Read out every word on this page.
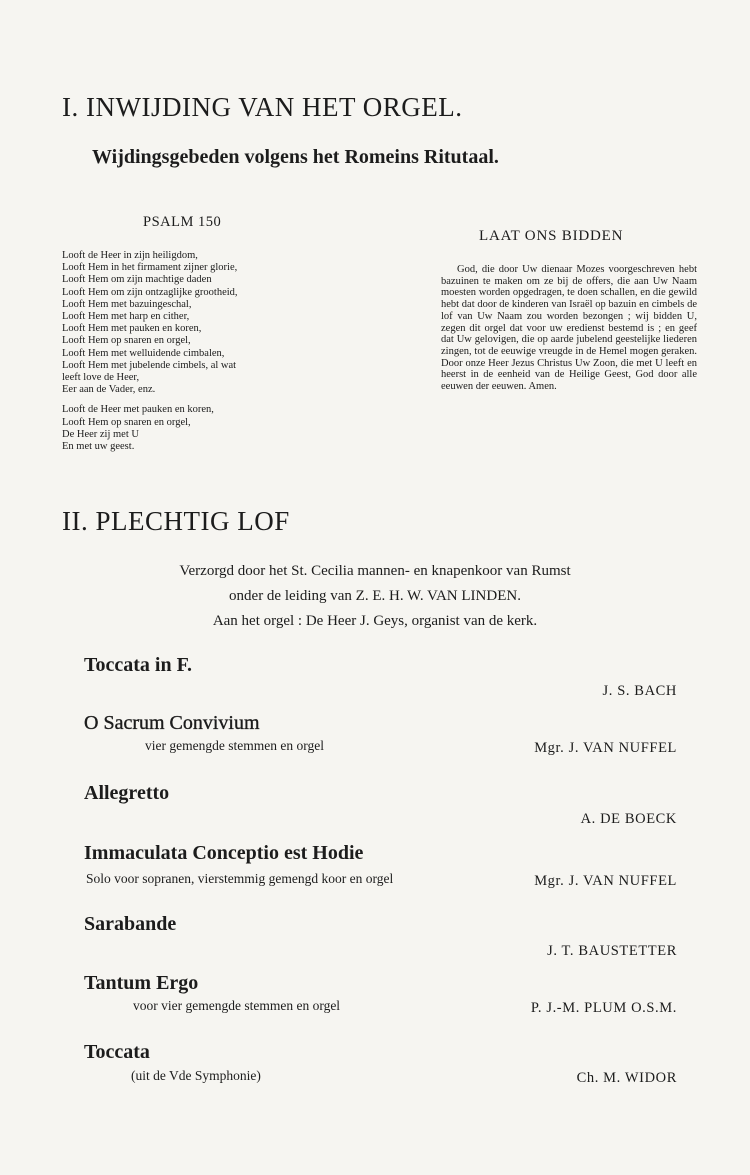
I. INWIJDING VAN HET ORGEL.
Wijdingsgebeden volgens het Romeins Ritutaal.
PSALM 150
Looft de Heer in zijn heiligdom,
Looft Hem in het firmament zijner glorie,
Looft Hem om zijn machtige daden
Looft Hem om zijn ontzaglijke grootheid,
Looft Hem met bazuingeschal,
Looft Hem met harp en cither,
Looft Hem met pauken en koren,
Looft Hem op snaren en orgel,
Looft Hem met welluidende cimbalen,
Looft Hem met jubelende cimbels, al wat
leeft love de Heer,
Eer aan de Vader, enz.
Looft de Heer met pauken en koren,
Looft Hem op snaren en orgel,
De Heer zij met U
En met uw geest.
LAAT ONS BIDDEN
God, die door Uw dienaar Mozes voorgeschreven hebt bazuinen te maken om ze bij de offers, die aan Uw Naam moesten worden opgedragen, te doen schallen, en die gewild hebt dat door de kinderen van Israël op bazuin en cimbels de lof van Uw Naam zou worden bezongen ; wij bidden U, zegen dit orgel dat voor uw eredienst bestemd is ; en geef dat Uw gelovigen, die op aarde jubelend geestelijke liederen zingen, tot de eeuwige vreugde in de Hemel mogen geraken. Door onze Heer Jezus Christus Uw Zoon, die met U leeft en heerst in de eenheid van de Heilige Geest, God door alle eeuwen der eeuwen. Amen.
II. PLECHTIG LOF
Verzorgd door het St. Cecilia mannen- en knapenkoor van Rumst
onder de leiding van Z. E. H. W. VAN LINDEN.
Aan het orgel : De Heer J. Geys, organist van de kerk.
Toccata in F.
J. S. BACH
O Sacrum Convivium
vier gemengde stemmen en orgel	Mgr. J. VAN NUFFEL
Allegretto
A. DE BOECK
Immaculata Conceptio est Hodie
Solo voor sopranen, vierstemmig gemengd koor en orgel	Mgr. J. VAN NUFFEL
Sarabande
J. T. BAUSTETTER
Tantum Ergo
voor vier gemengde stemmen en orgel	P. J.-M. PLUM O.S.M.
Toccata
(uit de Vde Symphonie)	Ch. M. WIDOR
